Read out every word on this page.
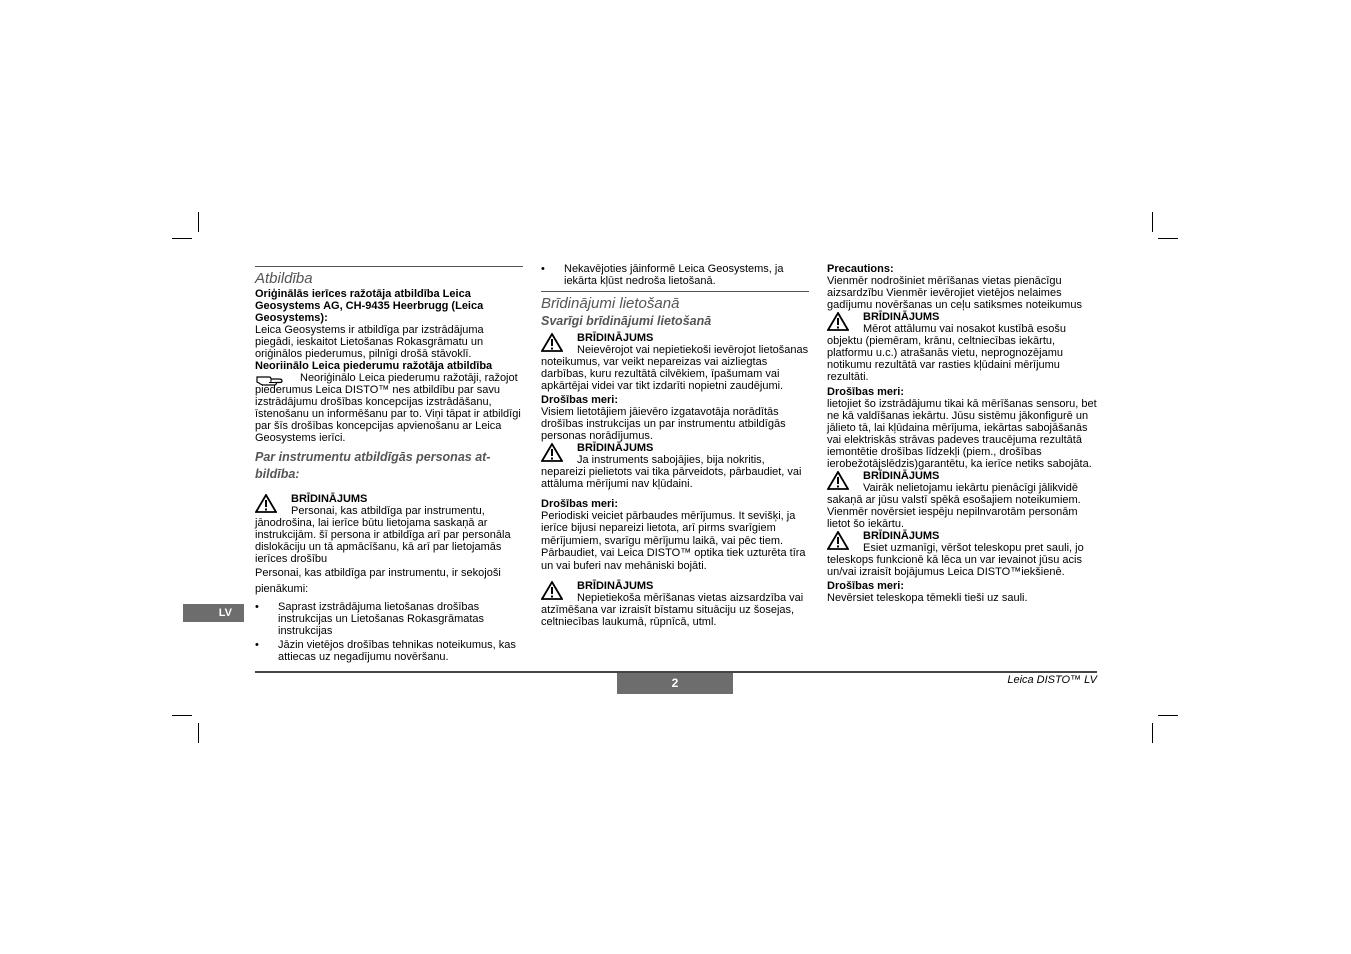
Atbildība

Oriģinālās ierīces ražotāja atbildība Leica Geosystems AG, CH-9435 Heerbrugg (Leica Geosystems):

Leica Geosystems ir atbildīga par izstrādājuma piegādi, ieskaitot Lietošanas Rokasgrāmatu un oriģinālos piederumus, pilnīgi drošā stāvoklī.

Neoriinālo Leica piederumu ražotāja atbildība

Neoriģinālo Leica piederumu ražotāji, ražojot piederumus Leica DISTO™ nes atbildību par savu izstrādājumu drošības koncepcijas izstrādāšanu, īstenošanu un informēšanu par to. Viņi tāpat ir atbildīgi par šīs drošības koncepcijas apvienošanu ar Leica Geosystems ierīci.

Par instrumentu atbildīgās personas at-bildība:

BRĪDINĀJUMS

Personai, kas atbildīga par instrumentu, jānodrošina, lai ierīce būtu lietojama saskaņā ar instrukcijām. šī persona ir atbildīga arī par personāla dislokāciju un tā apmācīšanu, kā arī par lietojamās ierīces drošību

Personai, kas atbildīga par instrumentu, ir sekojoši pienākumi:

• Saprast izstrādājuma lietošanas drošības instrukcijas un Lietošanas Rokasgrāmatas instrukcijas
• Jāzin vietējos drošības tehnikas noteikumus, kas attiecas uz negadījumu novēršanu.
• Nekavējoties jāinformē Leica Geosystems, ja iekārta kļūst nedroša lietošanā.

Brīdinājumi lietošanā

Svarīgi brīdinājumi lietošanā

BRĪDINĀJUMS

Neievērojot vai nepietiekoši ievērojot lietošanas noteikumus, var veikt nepareizas vai aizliegtas darbības, kuru rezultātā cilvēkiem, īpašumam vai apkārtējai videi var tikt izdarīti nopietni zaudējumi.

Drošības meri:

Visiem lietotājiem jāievēro izgatavotāja norādītās drošības instrukcijas un par instrumentu atbildīgās personas norādījumus.

BRĪDINĀJUMS

Ja instruments sabojājies, bija nokritis, nepareizi pielietots vai tika pārveidots, pārbaudiet, vai attāluma mērījumi nav kļūdaini.

Drošības meri:

Periodiski veiciet pārbaudes mērījumus. It sevišķi, ja ierīce bijusi nepareizi lietota, arī pirms svarīgiem mērījumiem, svarīgu mērījumu laikā, vai pēc tiem. Pārbaudiet, vai Leica DISTO™ optika tiek uzturēta tīra un vai buferi nav mehāniski bojāti.

BRĪDINĀJUMS

Nepietiekoša mērīšanas vietas aizsardzība vai atzīmēšana var izraisīt bīstamu situāciju uz šosejas, celtniecības laukumā, rūpnīcā, utml.

Precautions:

Vienmēr nodrošiniet mērīšanas vietas pienācīgu aizsardzību Vienmēr ievērojiet vietējos nelaimes gadījumu novēršanas un ceļu satiksmes noteikumus

BRĪDINĀJUMS

Mērot attālumu vai nosakot kustībā esošu objektu (piemēram, krānu, celtniecības iekārtu, platformu u.c.) atrašanās vietu, neprognozējamu notikumu rezultātā var rasties kļūdaini mērījumu rezultāti.

Drošības meri:

lietojiet šo izstrādājumu tikai kā mērīšanas sensoru, bet ne kā valdīšanas iekārtu. Jūsu sistēmu jākonfigurē un jālieto tā, lai kļūdaina mērījuma, iekārtas sabojāšanās vai elektriskās strāvas padeves traucējuma rezultātā iemontētie drošības līdzekļi (piem., drošības ierobežotājslēdzis)garantētu, ka ierīce netiks sabojāta.

BRĪDINĀJUMS

Vairāk nelietojamu iekārtu pienācīgi jālikvidē sakaņā ar jūsu valstī spēkā esošajiem noteikumiem. Vienmēr novērsiet iespēju nepilnvarotām personām lietot šo iekārtu.

BRĪDINĀJUMS

Esiet uzmanīgi, vēršot teleskopu pret sauli, jo teleskops funkcionē kā lēca un var ievainot jūsu acis un/vai izraisīt bojājumus Leica DISTO™iekšienē.

Drošības meri:

Nevērsiet teleskopa tēmekli tieši uz sauli.

LV
2	Leica DISTO™ LV
